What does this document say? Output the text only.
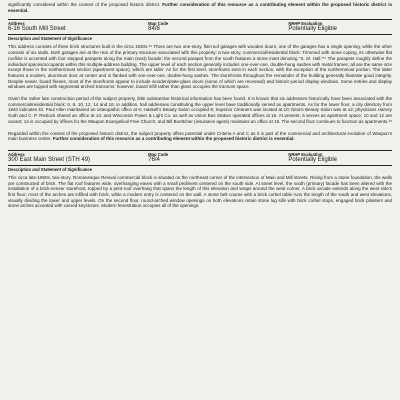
significantly considered within the context of the proposed historic district. Further consideration of this resource as a contributing element within the proposed historic district is essential.

Address	Map Code	NRHP Evaluation
6-16 South Mill Street	84/8	Potentially Eligible
Description and Statement of Significance

This address consists of three brick structures built in the circa 1930s.¹⁶ There are two one-story, flat-roof garages with wooden doors; one of the garages has a single opening, while the other consists of six stalls. Both garages are at the rear of the primary structure associated with this property: a two-story, commercial/residential block. Trimmed with stone coping, its otherwise flat roofline is accented with four stepped parapets along the main (east) facade; the second parapet from the south features a stone inset denoting “S. M. Hall.”¹⁷ The parapets roughly define the individual spaces/occupants within this multiple-address building. The upper level of each section generally includes one-over-one, double-hung sashes with metal frames; all are the same size except those in the northernmost section (apartment space), which are taller. As for the first level, storefronts exist in each section, with the exception of the northernmost portion. The latter features a modern, aluminum door at center and is flanked with one-over-one, double-hung sashes. The storefronts throughout the remainder of the building generally illustrate good integrity. Despite newer, board frieses, most of the storefronts appear to include wooden/plate-glass doors (some of which are recessed) and historic-period display windows. Some entries and display windows are topped with segmental-arched transoms; however, board infill rather than glass occupies the transom space.

Given the rather late construction period of the subject property, little substantive historical information has been found. It is known that six addresses historically have been associated with the commercial/residential block: 6, 8, 10, 12, 14 and 16; in addition, hall addresses constituting the upper level have traditionally served as apartments. As for the lower floor, a city directory from 1940 indicates Dr. Paul Allen maintained an osteopathic office at 6; Haskell’s Beauty Salon occupied 8; Superior Cleaners was located at 10; Nina’s Beauty Salon was at 12; physicians Harvey Guth and C. P. Reslock shared an office at 14; and Wisconsin Power & Light Co. as well as Union Bus Station operated offices at 16. At present, 6 serves as apartment space; 10 and 12 are vacant; 14 is occupied by offices for the Waupun Evangelical Free Church; and Bill Boettcher (insurance agent) maintains an office at 16. The second floor continues to function as apartments.¹⁸

Regarded within the context of the proposed historic district, the subject property offers potential under Criteria A and C as it is part of the commercial and architectural evolution of Waupun’s main business center. Further consideration of this resource as a contributing element within the proposed historic district is essential.

Address	Map Code	NRHP Evaluation
300 East Main Street (STH 49)	76/4	Potentially Eligible
Description and Statement of Significance

This circa late-1860s, two-story, Romanesque Revival commercial block is situated on the northeast corner of the intersection of Main and Mill streets. Rising from a stone foundation, the walls are constructed of brick. The flat roof features wide, overhanging eaves with a small pediment centered on the south side. At street level, the south (primary) facade has been altered with the installation of a brick-veneer storefront, topped by a pent-roof overhang that spans the length of this elevation and wraps around the west corner. A brick arcade extends along the west side’s first floor; most of the arches are infilled with brick, while a modern entry is centered on the wall. A stone belt course with a brick corbel table runs the length of the south and west elevations, visually dividing the lower and upper levels. On the second floor, round-arched window openings on both elevations retain stone lug sills with brick corbel stops, engaged brick pilasters and stone arches accented with carved keystones. Modern fenestration occupies all of the openings.
